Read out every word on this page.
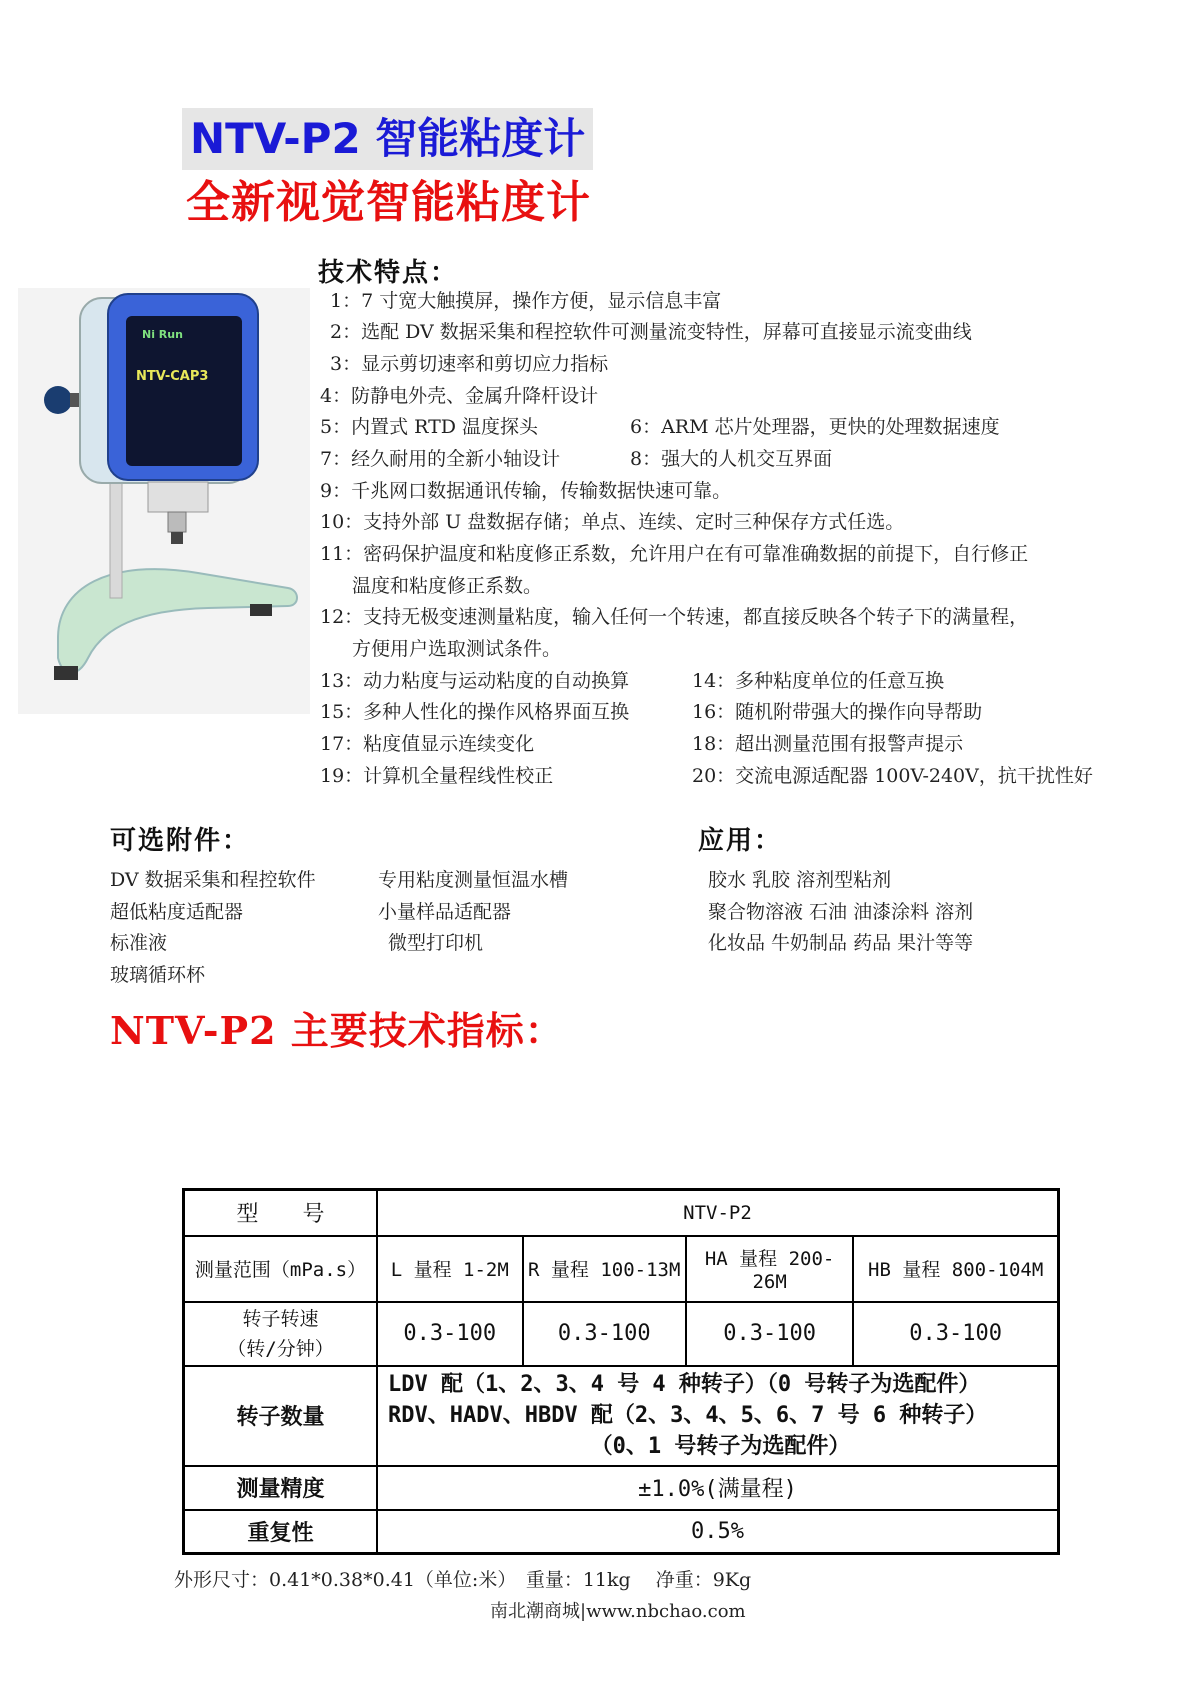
NTV-P2 智能粘度计
全新视觉智能粘度计
技术特点：
Ni Run
NTV-CAP3
1：7 寸宽大触摸屏，操作方便，显示信息丰富
2：选配 DV 数据采集和程控软件可测量流变特性，屏幕可直接显示流变曲线
3：显示剪切速率和剪切应力指标
4：防静电外壳、金属升降杆设计
5：内置式 RTD 温度探头	6：ARM 芯片处理器，更快的处理数据速度
7：经久耐用的全新小轴设计	8：强大的人机交互界面
9：千兆网口数据通讯传输，传输数据快速可靠。
10：支持外部 U 盘数据存储；单点、连续、定时三种保存方式任选。
11：密码保护温度和粘度修正系数，允许用户在有可靠准确数据的前提下，自行修正
温度和粘度修正系数。
12：支持无极变速测量粘度，输入任何一个转速，都直接反映各个转子下的满量程，
方便用户选取测试条件。
13：动力粘度与运动粘度的自动换算	14：多种粘度单位的任意互换
15：多种人性化的操作风格界面互换	16：随机附带强大的操作向导帮助
17：粘度值显示连续变化	18：超出测量范围有报警声提示
19：计算机全量程线性校正	20：交流电源适配器 100V-240V，抗干扰性好
可选附件：
DV 数据采集和程控软件
超低粘度适配器
标准液
玻璃循环杯
专用粘度测量恒温水槽
小量样品适配器
微型打印机
应用：
胶水 乳胶 溶剂型粘剂
聚合物溶液 石油 油漆涂料 溶剂
化妆品 牛奶制品 药品 果汁等等
NTV-P2 主要技术指标：
型　　号	NTV-P2			
测量范围（mPa.s）	L 量程 1-2M	R 量程 100-13M	HA 量程 200-26M	HB 量程 800-104M

转子转速
（转/分钟）	0.3-100	0.3-100	0.3-100	0.3-100
转子数量	LDV 配（1、2、3、4 号 4 种转子）（0 号转子为选配件）
RDV、HADV、HBDV 配（2、3、4、5、6、7 号 6 种转子）
（0、1 号转子为选配件）			

测量精度	±1.0%(满量程)			
重复性	0.5%			
外形尺寸：0.41*0.38*0.41（单位:米）　重量：11kg　 净重：9Kg
南北潮商城|www.nbchao.com
